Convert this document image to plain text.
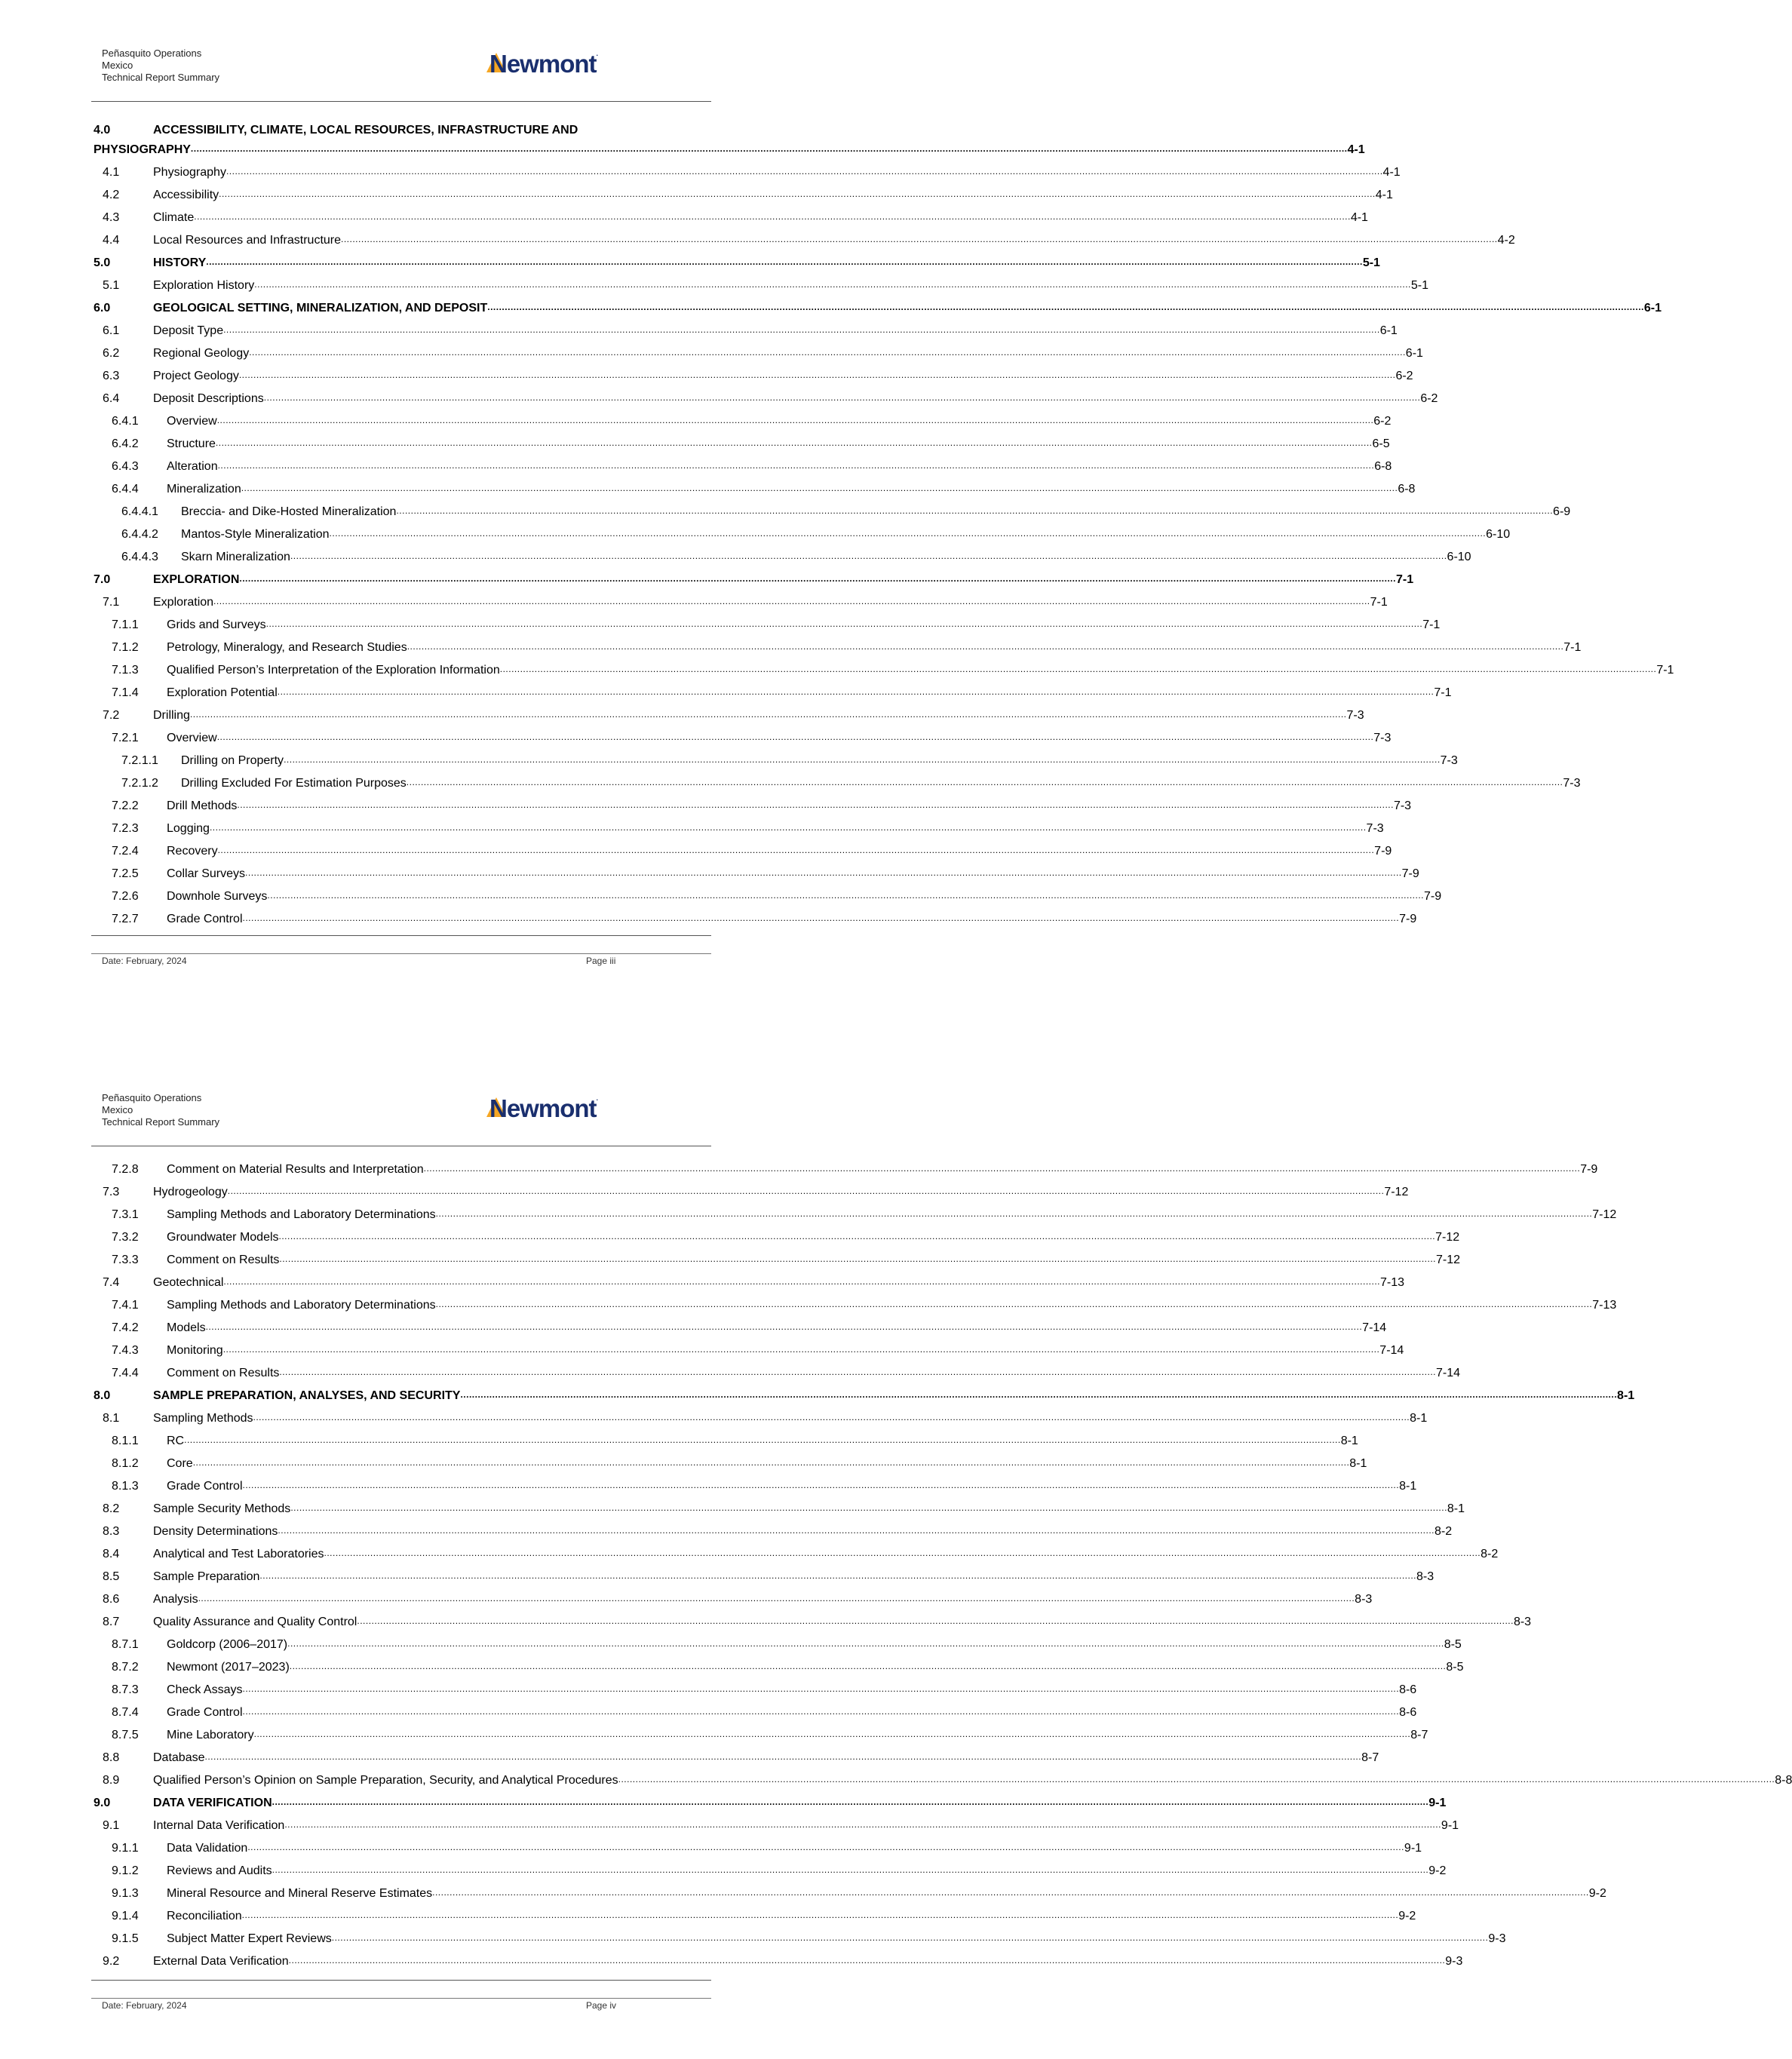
Peñasquito Operations
Mexico
Technical Report Summary	Newmont.
4.0	ACCESSIBILITY, CLIMATE, LOCAL RESOURCES, INFRASTRUCTURE AND
PHYSIOGRAPHY ................................................................................................................................................................................................................................................................................................................................................................................................................ 4-1
4.1	Physiography ................................................................................................................................................................................................................................................................................................................................................................................................................ 4-1
4.2	Accessibility ................................................................................................................................................................................................................................................................................................................................................................................................................ 4-1
4.3	Climate ................................................................................................................................................................................................................................................................................................................................................................................................................ 4-1
4.4	Local Resources and Infrastructure ................................................................................................................................................................................................................................................................................................................................................................................................................ 4-2
5.0	HISTORY ................................................................................................................................................................................................................................................................................................................................................................................................................ 5-1
5.1	Exploration History ................................................................................................................................................................................................................................................................................................................................................................................................................ 5-1
6.0	GEOLOGICAL SETTING, MINERALIZATION, AND DEPOSIT ................................................................................................................................................................................................................................................................................................................................................................................................................ 6-1
6.1	Deposit Type ................................................................................................................................................................................................................................................................................................................................................................................................................ 6-1
6.2	Regional Geology ................................................................................................................................................................................................................................................................................................................................................................................................................ 6-1
6.3	Project Geology ................................................................................................................................................................................................................................................................................................................................................................................................................ 6-2
6.4	Deposit Descriptions ................................................................................................................................................................................................................................................................................................................................................................................................................ 6-2
6.4.1	Overview ................................................................................................................................................................................................................................................................................................................................................................................................................ 6-2
6.4.2	Structure ................................................................................................................................................................................................................................................................................................................................................................................................................ 6-5
6.4.3	Alteration ................................................................................................................................................................................................................................................................................................................................................................................................................ 6-8
6.4.4	Mineralization ................................................................................................................................................................................................................................................................................................................................................................................................................ 6-8
6.4.4.1	Breccia- and Dike-Hosted Mineralization ................................................................................................................................................................................................................................................................................................................................................................................................................ 6-9
6.4.4.2	Mantos-Style Mineralization ................................................................................................................................................................................................................................................................................................................................................................................................................ 6-10
6.4.4.3	Skarn Mineralization ................................................................................................................................................................................................................................................................................................................................................................................................................ 6-10
7.0	EXPLORATION ................................................................................................................................................................................................................................................................................................................................................................................................................ 7-1
7.1	Exploration ................................................................................................................................................................................................................................................................................................................................................................................................................ 7-1
7.1.1	Grids and Surveys ................................................................................................................................................................................................................................................................................................................................................................................................................ 7-1
7.1.2	Petrology, Mineralogy, and Research Studies ................................................................................................................................................................................................................................................................................................................................................................................................................ 7-1
7.1.3	Qualified Person’s Interpretation of the Exploration Information ................................................................................................................................................................................................................................................................................................................................................................................................................ 7-1
7.1.4	Exploration Potential ................................................................................................................................................................................................................................................................................................................................................................................................................ 7-1
7.2	Drilling ................................................................................................................................................................................................................................................................................................................................................................................................................ 7-3
7.2.1	Overview ................................................................................................................................................................................................................................................................................................................................................................................................................ 7-3
7.2.1.1	Drilling on Property ................................................................................................................................................................................................................................................................................................................................................................................................................ 7-3
7.2.1.2	Drilling Excluded For Estimation Purposes ................................................................................................................................................................................................................................................................................................................................................................................................................ 7-3
7.2.2	Drill Methods ................................................................................................................................................................................................................................................................................................................................................................................................................ 7-3
7.2.3	Logging ................................................................................................................................................................................................................................................................................................................................................................................................................ 7-3
7.2.4	Recovery ................................................................................................................................................................................................................................................................................................................................................................................................................ 7-9
7.2.5	Collar Surveys ................................................................................................................................................................................................................................................................................................................................................................................................................ 7-9
7.2.6	Downhole Surveys ................................................................................................................................................................................................................................................................................................................................................................................................................ 7-9
7.2.7	Grade Control ................................................................................................................................................................................................................................................................................................................................................................................................................ 7-9
Date: February, 2024	Page iii
Peñasquito Operations
Mexico
Technical Report Summary	Newmont.
7.2.8	Comment on Material Results and Interpretation ................................................................................................................................................................................................................................................................................................................................................................................................................ 7-9
7.3	Hydrogeology ................................................................................................................................................................................................................................................................................................................................................................................................................ 7-12
7.3.1	Sampling Methods and Laboratory Determinations ................................................................................................................................................................................................................................................................................................................................................................................................................ 7-12
7.3.2	Groundwater Models ................................................................................................................................................................................................................................................................................................................................................................................................................ 7-12
7.3.3	Comment on Results ................................................................................................................................................................................................................................................................................................................................................................................................................ 7-12
7.4	Geotechnical ................................................................................................................................................................................................................................................................................................................................................................................................................ 7-13
7.4.1	Sampling Methods and Laboratory Determinations ................................................................................................................................................................................................................................................................................................................................................................................................................ 7-13
7.4.2	Models ................................................................................................................................................................................................................................................................................................................................................................................................................ 7-14
7.4.3	Monitoring ................................................................................................................................................................................................................................................................................................................................................................................................................ 7-14
7.4.4	Comment on Results ................................................................................................................................................................................................................................................................................................................................................................................................................ 7-14
8.0	SAMPLE PREPARATION, ANALYSES, AND SECURITY ................................................................................................................................................................................................................................................................................................................................................................................................................ 8-1
8.1	Sampling Methods ................................................................................................................................................................................................................................................................................................................................................................................................................ 8-1
8.1.1	RC ................................................................................................................................................................................................................................................................................................................................................................................................................ 8-1
8.1.2	Core ................................................................................................................................................................................................................................................................................................................................................................................................................ 8-1
8.1.3	Grade Control ................................................................................................................................................................................................................................................................................................................................................................................................................ 8-1
8.2	Sample Security Methods ................................................................................................................................................................................................................................................................................................................................................................................................................ 8-1
8.3	Density Determinations ................................................................................................................................................................................................................................................................................................................................................................................................................ 8-2
8.4	Analytical and Test Laboratories ................................................................................................................................................................................................................................................................................................................................................................................................................ 8-2
8.5	Sample Preparation ................................................................................................................................................................................................................................................................................................................................................................................................................ 8-3
8.6	Analysis ................................................................................................................................................................................................................................................................................................................................................................................................................ 8-3
8.7	Quality Assurance and Quality Control ................................................................................................................................................................................................................................................................................................................................................................................................................ 8-3
8.7.1	Goldcorp (2006–2017) ................................................................................................................................................................................................................................................................................................................................................................................................................ 8-5
8.7.2	Newmont (2017–2023) ................................................................................................................................................................................................................................................................................................................................................................................................................ 8-5
8.7.3	Check Assays ................................................................................................................................................................................................................................................................................................................................................................................................................ 8-6
8.7.4	Grade Control ................................................................................................................................................................................................................................................................................................................................................................................................................ 8-6
8.7.5	Mine Laboratory ................................................................................................................................................................................................................................................................................................................................................................................................................ 8-7
8.8	Database ................................................................................................................................................................................................................................................................................................................................................................................................................ 8-7
8.9	Qualified Person’s Opinion on Sample Preparation, Security, and Analytical Procedures ................................................................................................................................................................................................................................................................................................................................................................................................................ 8-8
9.0	DATA VERIFICATION ................................................................................................................................................................................................................................................................................................................................................................................................................ 9-1
9.1	Internal Data Verification ................................................................................................................................................................................................................................................................................................................................................................................................................ 9-1
9.1.1	Data Validation ................................................................................................................................................................................................................................................................................................................................................................................................................ 9-1
9.1.2	Reviews and Audits ................................................................................................................................................................................................................................................................................................................................................................................................................ 9-2
9.1.3	Mineral Resource and Mineral Reserve Estimates ................................................................................................................................................................................................................................................................................................................................................................................................................ 9-2
9.1.4	Reconciliation ................................................................................................................................................................................................................................................................................................................................................................................................................ 9-2
9.1.5	Subject Matter Expert Reviews ................................................................................................................................................................................................................................................................................................................................................................................................................ 9-3
9.2	External Data Verification ................................................................................................................................................................................................................................................................................................................................................................................................................ 9-3
Date: February, 2024	Page iv
